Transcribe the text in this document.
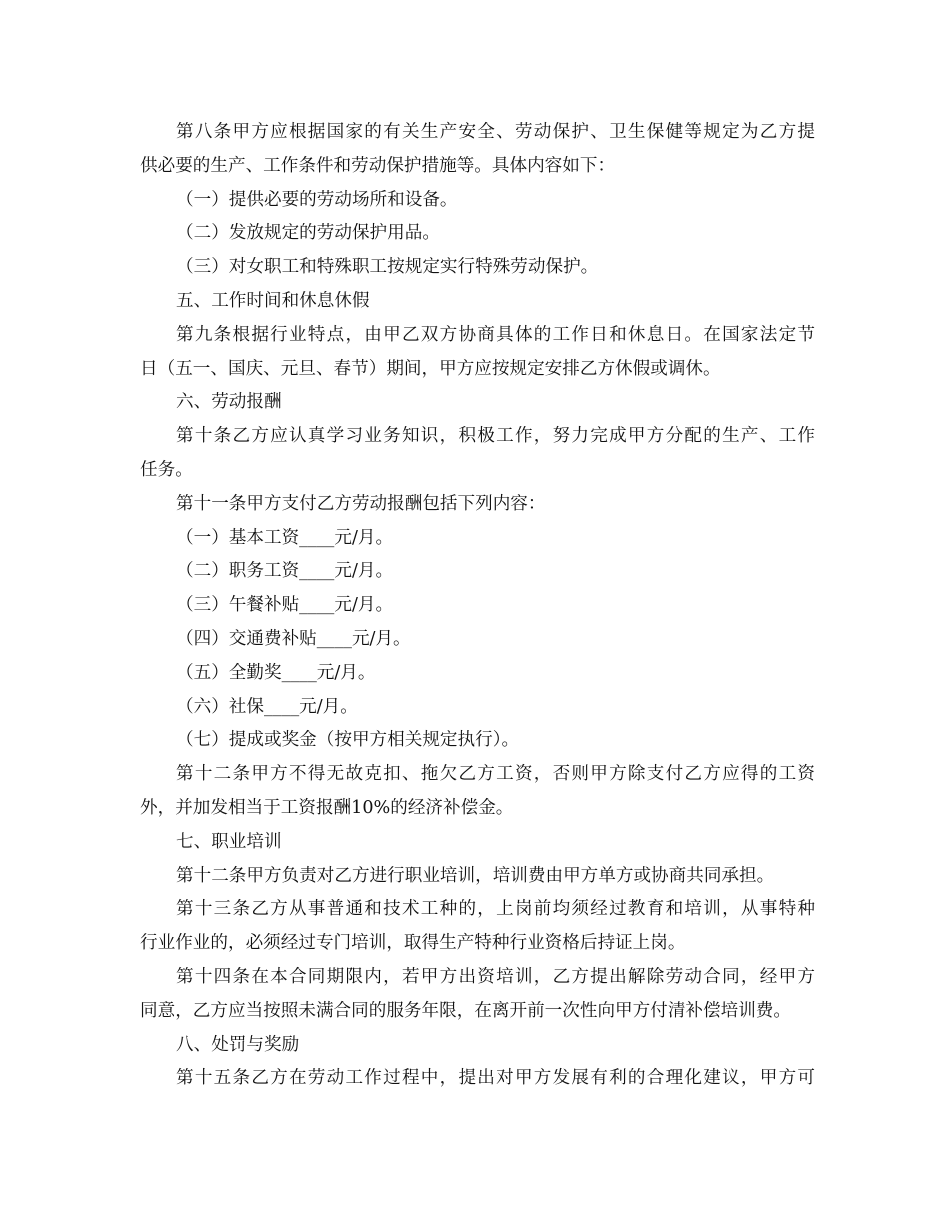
第八条甲方应根据国家的有关生产安全、劳动保护、卫生保健等规定为乙方提

供必要的生产、工作条件和劳动保护措施等。具体内容如下：

（一）提供必要的劳动场所和设备。

（二）发放规定的劳动保护用品。

（三）对女职工和特殊职工按规定实行特殊劳动保护。

五、工作时间和休息休假

第九条根据行业特点，由甲乙双方协商具体的工作日和休息日。在国家法定节

日（五一、国庆、元旦、春节）期间，甲方应按规定安排乙方休假或调休。

六、劳动报酬

第十条乙方应认真学习业务知识，积极工作，努力完成甲方分配的生产、工作

任务。

第十一条甲方支付乙方劳动报酬包括下列内容：

（一）基本工资____元/月。

（二）职务工资____元/月。

（三）午餐补贴____元/月。

（四）交通费补贴____元/月。

（五）全勤奖____元/月。

（六）社保____元/月。

（七）提成或奖金（按甲方相关规定执行）。

第十二条甲方不得无故克扣、拖欠乙方工资，否则甲方除支付乙方应得的工资

外，并加发相当于工资报酬10%的经济补偿金。

七、职业培训

第十二条甲方负责对乙方进行职业培训，培训费由甲方单方或协商共同承担。

第十三条乙方从事普通和技术工种的，上岗前均须经过教育和培训，从事特种

行业作业的，必须经过专门培训，取得生产特种行业资格后持证上岗。

第十四条在本合同期限内，若甲方出资培训，乙方提出解除劳动合同，经甲方

同意，乙方应当按照未满合同的服务年限，在离开前一次性向甲方付清补偿培训费。

八、处罚与奖励

第十五条乙方在劳动工作过程中，提出对甲方发展有利的合理化建议，甲方可
